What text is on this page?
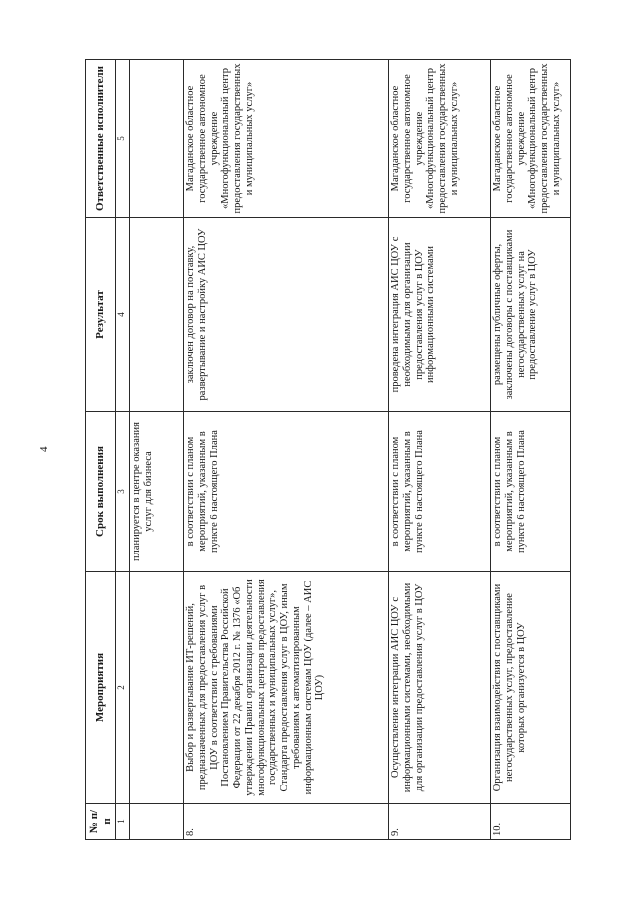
4
№ п/п	Мероприятия	Срок выполнения	Результат	Ответственные исполнители
1	2	3	4	5
		планируется в центре оказания услуг для бизнеса		
8.	Выбор и развертывание ИТ-решений, предназначенных для предоставления услуг в ЦОУ в соответствии с требованиями Постановлением Правительства Российской Федерации от 22 декабря 2012 г. № 1376 «Об утверждении Правил организации деятельности многофункциональных центров предоставления государственных и муниципальных услуг», Стандарта предоставления услуг в ЦОУ, иным требованиям к автоматизированным информационным системам ЦОУ (далее – АИС ЦОУ)	в соответствии с планом мероприятий, указанным в пункте 6 настоящего Плана	заключен договор на поставку, развертывание и настройку АИС ЦОУ	Магаданское областное государственное автономное учреждение «Многофункциональный центр предоставления государственных и муниципальных услуг»
9.	Осуществление интеграции АИС ЦОУ с информационными системами, необходимыми для организации предоставления услуг в ЦОУ	в соответствии с планом мероприятий, указанным в пункте 6 настоящего Плана	проведена интеграция АИС ЦОУ с необходимыми для организации предоставления услуг в ЦОУ информационными системами	Магаданское областное государственное автономное учреждение «Многофункциональный центр предоставления государственных и муниципальных услуг»
10.	Организация взаимодействия с поставщиками негосударственных услуг, предоставление которых организуется в ЦОУ	в соответствии с планом мероприятий, указанным в пункте 6 настоящего Плана	размещены публичные оферты, заключены договоры с поставщиками негосударственных услуг на предоставление услуг в ЦОУ	Магаданское областное государственное автономное учреждение «Многофункциональный центр предоставления государственных и муниципальных услуг»
